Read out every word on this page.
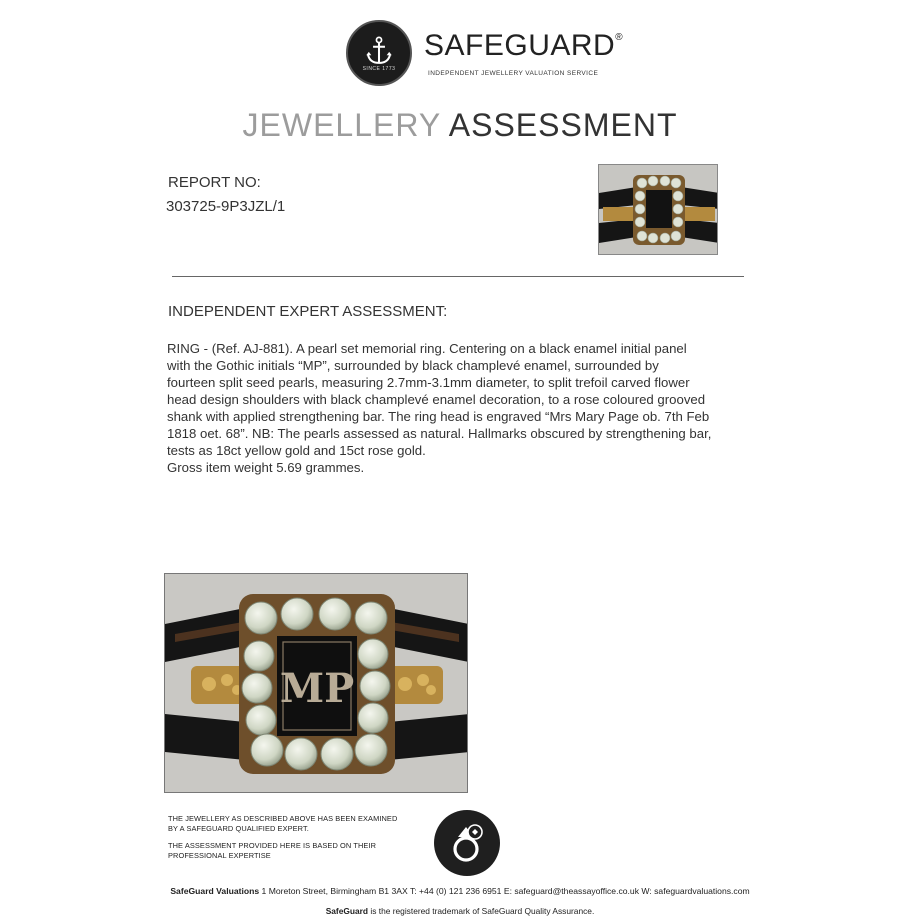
SINCE 1773
SAFEGUARD®
INDEPENDENT JEWELLERY VALUATION SERVICE
JEWELLERY ASSESSMENT
REPORT NO:
303725-9P3JZL/1
INDEPENDENT EXPERT ASSESSMENT:

RING - (Ref. AJ-881). A pearl set memorial ring. Centering on a black enamel initial panel

with the Gothic initials “MP”, surrounded by black champlevé enamel, surrounded by

fourteen split seed pearls, measuring 2.7mm-3.1mm diameter, to split trefoil carved flower

head design shoulders with black champlevé enamel decoration, to a rose coloured grooved

shank with applied strengthening bar. The ring head is engraved “Mrs Mary Page ob. 7th Feb

1818 oet. 68”. NB: The pearls assessed as natural. Hallmarks obscured by strengthening bar,

tests as 18ct yellow gold and 15ct rose gold.

Gross item weight 5.69 grammes.

MP
THE JEWELLERY AS DESCRIBED ABOVE HAS BEEN EXAMINED
BY A SAFEGUARD QUALIFIED EXPERT.
THE ASSESSMENT PROVIDED HERE IS BASED ON THEIR
PROFESSIONAL EXPERTISE
SafeGuard Valuations 1 Moreton Street, Birmingham B1 3AX T: +44 (0) 121 236 6951 E: safeguard@theassayoffice.co.uk W: safeguardvaluations.com
SafeGuard is the registered trademark of SafeGuard Quality Assurance.
